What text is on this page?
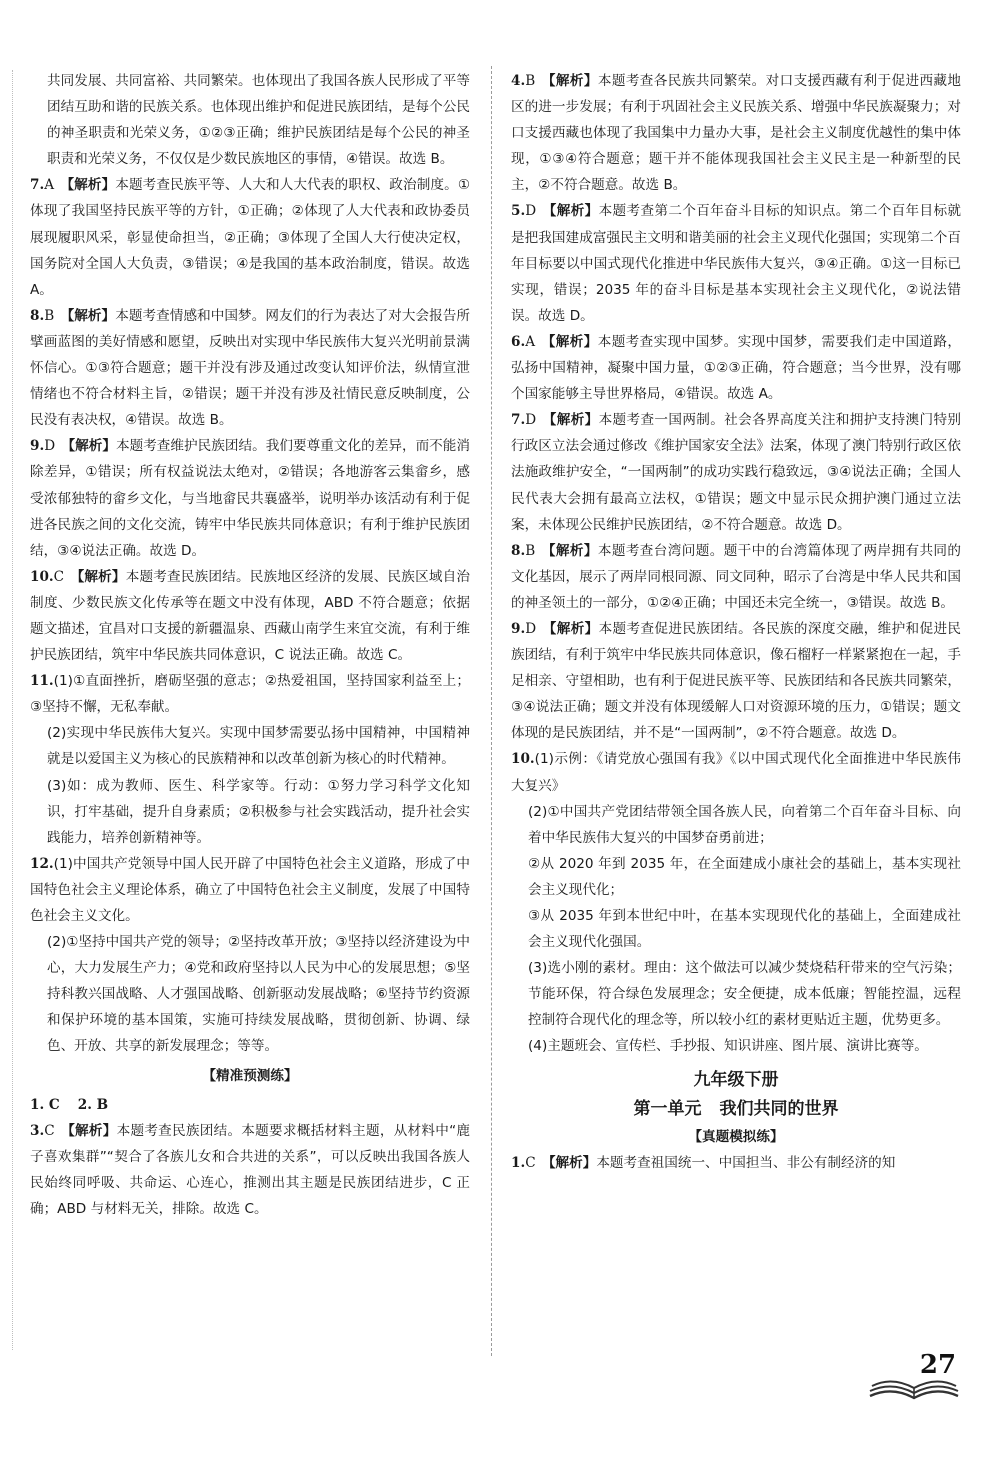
共同发展、共同富裕、共同繁荣。也体现出了我国各族人民形成了平等团结互助和谐的民族关系。也体现出维护和促进民族团结，是每个公民的神圣职责和光荣义务，①②③正确；维护民族团结是每个公民的神圣职责和光荣义务，不仅仅是少数民族地区的事情，④错误。故选 B。
7.A 【解析】本题考查民族平等、人大和人大代表的职权、政治制度。①体现了我国坚持民族平等的方针，①正确；②体现了人大代表和政协委员展现履职风采，彰显使命担当，②正确；③体现了全国人大行使决定权，国务院对全国人大负责，③错误；④是我国的基本政治制度，错误。故选 A。
8.B 【解析】本题考查情感和中国梦。网友们的行为表达了对大会报告所擘画蓝图的美好情感和愿望，反映出对实现中华民族伟大复兴光明前景满怀信心。①③符合题意；题干并没有涉及通过改变认知评价法，纵情宣泄情绪也不符合材料主旨，②错误；题干并没有涉及社情民意反映制度，公民没有表决权，④错误。故选 B。
9.D 【解析】本题考查维护民族团结。我们要尊重文化的差异，而不能消除差异，①错误；所有权益说法太绝对，②错误；各地游客云集畲乡，感受浓郁独特的畲乡文化，与当地畲民共襄盛举，说明举办该活动有利于促进各民族之间的文化交流，铸牢中华民族共同体意识；有利于维护民族团结，③④说法正确。故选 D。
10.C 【解析】本题考查民族团结。民族地区经济的发展、民族区域自治制度、少数民族文化传承等在题文中没有体现，ABD 不符合题意；依据题文描述，宜昌对口支援的新疆温泉、西藏山南学生来宜交流，有利于维护民族团结，筑牢中华民族共同体意识，C 说法正确。故选 C。
11.(1)①直面挫折，磨砺坚强的意志；②热爱祖国，坚持国家利益至上；③坚持不懈，无私奉献。
(2)实现中华民族伟大复兴。实现中国梦需要弘扬中国精神，中国精神就是以爱国主义为核心的民族精神和以改革创新为核心的时代精神。
(3)如：成为教师、医生、科学家等。行动：①努力学习科学文化知识，打牢基础，提升自身素质；②积极参与社会实践活动，提升社会实践能力，培养创新精神等。
12.(1)中国共产党领导中国人民开辟了中国特色社会主义道路，形成了中国特色社会主义理论体系，确立了中国特色社会主义制度，发展了中国特色社会主义文化。
(2)①坚持中国共产党的领导；②坚持改革开放；③坚持以经济建设为中心，大力发展生产力；④党和政府坚持以人民为中心的发展思想；⑤坚持科教兴国战略、人才强国战略、创新驱动发展战略；⑥坚持节约资源和保护环境的基本国策，实施可持续发展战略，贯彻创新、协调、绿色、开放、共享的新发展理念；等等。
【精准预测练】
1. C 2. B
3.C 【解析】本题考查民族团结。本题要求概括材料主题，从材料中“鹿子喜欢集群”“契合了各族儿女和合共进的关系”，可以反映出我国各族人民始终同呼吸、共命运、心连心，推测出其主题是民族团结进步，C 正确；ABD 与材料无关，排除。故选 C。
4.B 【解析】本题考查各民族共同繁荣。对口支援西藏有利于促进西藏地区的进一步发展；有利于巩固社会主义民族关系、增强中华民族凝聚力；对口支援西藏也体现了我国集中力量办大事，是社会主义制度优越性的集中体现，①③④符合题意；题干并不能体现我国社会主义民主是一种新型的民主，②不符合题意。故选 B。
5.D 【解析】本题考查第二个百年奋斗目标的知识点。第二个百年目标就是把我国建成富强民主文明和谐美丽的社会主义现代化强国；实现第二个百年目标要以中国式现代化推进中华民族伟大复兴，③④正确。①这一目标已实现，错误；2035 年的奋斗目标是基本实现社会主义现代化，②说法错误。故选 D。
6.A 【解析】本题考查实现中国梦。实现中国梦，需要我们走中国道路，弘扬中国精神，凝聚中国力量，①②③正确，符合题意；当今世界，没有哪个国家能够主导世界格局，④错误。故选 A。
7.D 【解析】本题考查一国两制。社会各界高度关注和拥护支持澳门特别行政区立法会通过修改《维护国家安全法》法案，体现了澳门特别行政区依法施政维护安全，“一国两制”的成功实践行稳致远，③④说法正确；全国人民代表大会拥有最高立法权，①错误；题文中显示民众拥护澳门通过立法案，未体现公民维护民族团结，②不符合题意。故选 D。
8.B 【解析】本题考查台湾问题。题干中的台湾篇体现了两岸拥有共同的文化基因，展示了两岸同根同源、同文同种，昭示了台湾是中华人民共和国的神圣领土的一部分，①②④正确；中国还未完全统一，③错误。故选 B。
9.D 【解析】本题考查促进民族团结。各民族的深度交融，维护和促进民族团结，有利于筑牢中华民族共同体意识，像石榴籽一样紧紧抱在一起，手足相亲、守望相助，也有利于促进民族平等、民族团结和各民族共同繁荣，③④说法正确；题文并没有体现缓解人口对资源环境的压力，①错误；题文体现的是民族团结，并不是“一国两制”，②不符合题意。故选 D。
10.(1)示例：《请党放心强国有我》《以中国式现代化全面推进中华民族伟大复兴》
(2)①中国共产党团结带领全国各族人民，向着第二个百年奋斗目标、向着中华民族伟大复兴的中国梦奋勇前进；
②从 2020 年到 2035 年，在全面建成小康社会的基础上，基本实现社会主义现代化；
③从 2035 年到本世纪中叶，在基本实现现代化的基础上，全面建成社会主义现代化强国。
(3)选小刚的素材。理由：这个做法可以减少焚烧秸秆带来的空气污染；节能环保，符合绿色发展理念；安全便捷，成本低廉；智能控温，远程控制符合现代化的理念等，所以较小红的素材更贴近主题，优势更多。
(4)主题班会、宣传栏、手抄报、知识讲座、图片展、演讲比赛等。
九年级下册
第一单元 我们共同的世界
【真题模拟练】
1.C 【解析】本题考查祖国统一、中国担当、非公有制经济的知
27
